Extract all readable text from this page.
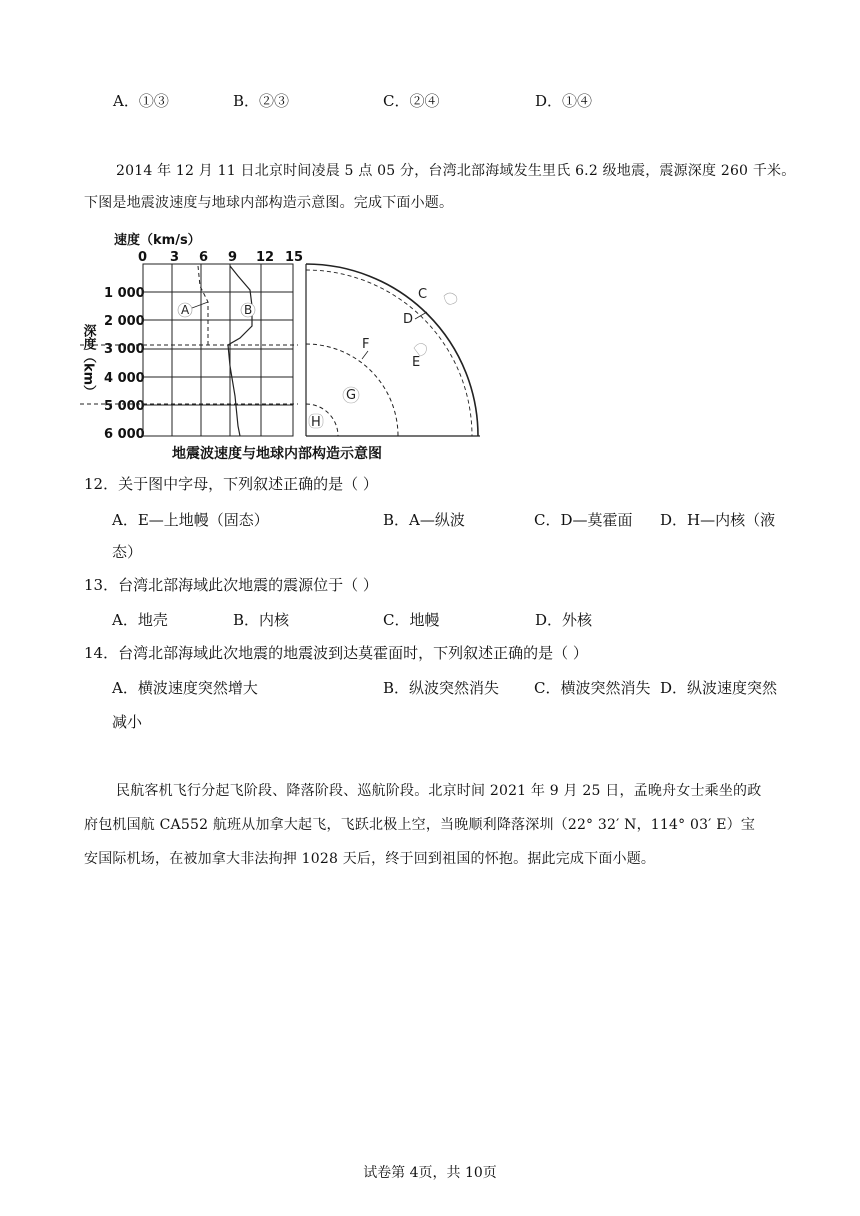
A．①③	B．②③	C．②④	D．①④
2014 年 12 月 11 日北京时间凌晨 5 点 05 分，台湾北部海域发生里氏 6.2 级地震，震源深度 260 千米。
下图是地震波速度与地球内部构造示意图。完成下面小题。
速度（km/s）
0 3 6 9 12 15
1 000
2 000
3 000
4 000
5 000
6 000
深度（km）
A	B
C
D
E
F
G
H
地震波速度与地球内部构造示意图
12．关于图中字母，下列叙述正确的是（ ）
A．E—上地幔（固态）	B．A—纵波	C．D—莫霍面 D．H—内核（液
态）
13．台湾北部海域此次地震的震源位于（ ）
A．地壳	B．内核	C．地幔	D．外核
14．台湾北部海域此次地震的地震波到达莫霍面时，下列叙述正确的是（ ）
A．横波速度突然增大	B．纵波突然消失 C．横波突然消失 D．纵波速度突然
减小
民航客机飞行分起飞阶段、降落阶段、巡航阶段。北京时间 2021 年 9 月 25 日，孟晚舟女士乘坐的政
府包机国航 CA552 航班从加拿大起飞，飞跃北极上空，当晚顺利降落深圳（22° 32′ N，114° 03′ E）宝
安国际机场，在被加拿大非法拘押 1028 天后，终于回到祖国的怀抱。据此完成下面小题。
试卷第 4页，共 10页
